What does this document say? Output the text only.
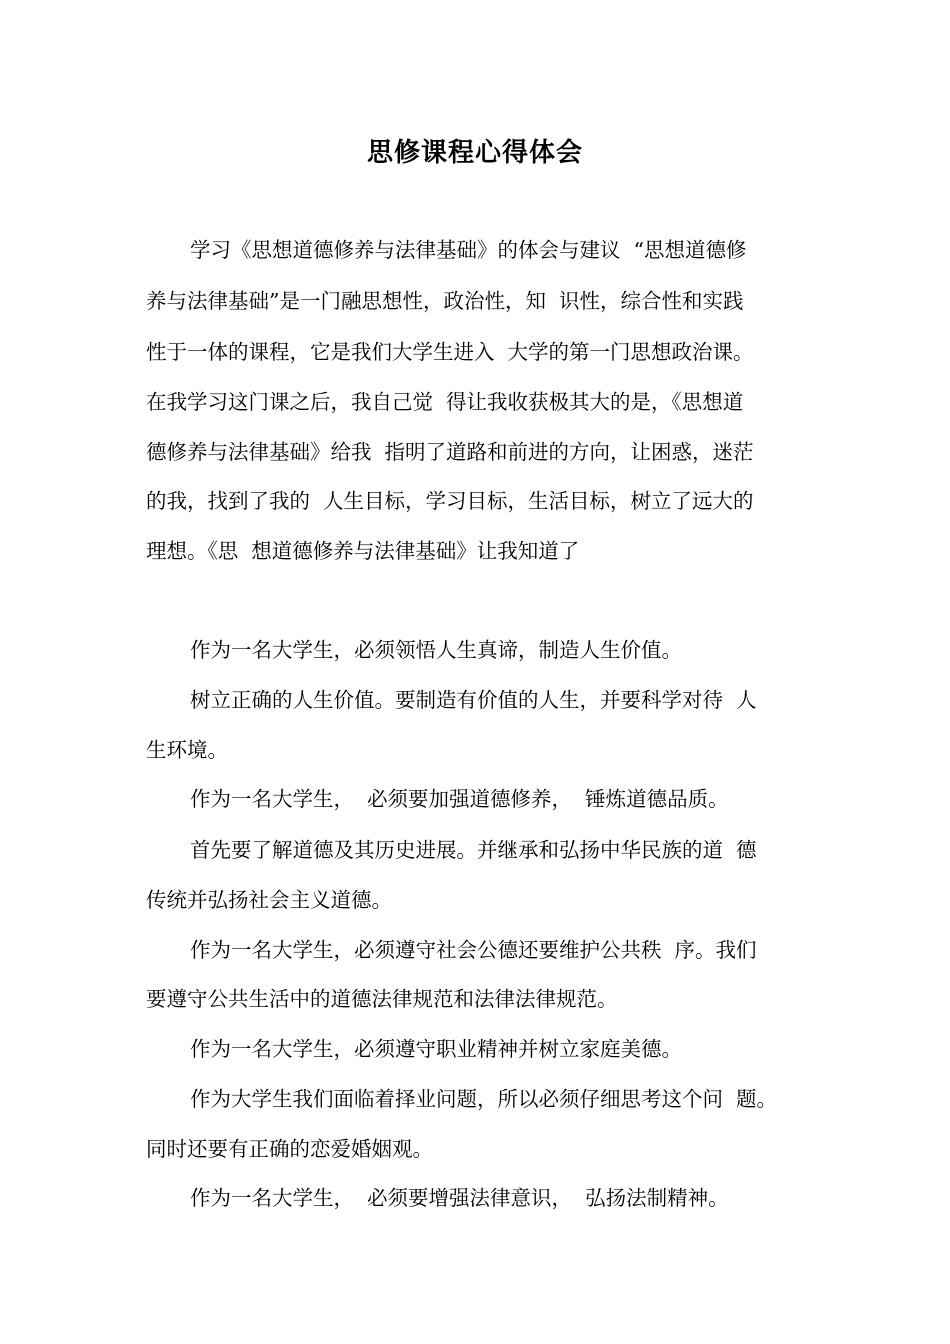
思修课程心得体会

学习《思想道德修养与法律基础》的体会与建议  “思想道德修

养与法律基础”是一门融思想性，政治性，知  识性，综合性和实践

性于一体的课程，它是我们大学生进入  大学的第一门思想政治课。

在我学习这门课之后，我自己觉  得让我收获极其大的是，《思想道

德修养与法律基础》给我  指明了道路和前进的方向，让困惑，迷茫

的我，找到了我的  人生目标，学习目标，生活目标，树立了远大的

理想。《思  想道德修养与法律基础》让我知道了

作为一名大学生，必须领悟人生真谛，制造人生价值。

树立正确的人生价值。要制造有价值的人生，并要科学对待  人

生环境。

作为一名大学生，  必须要加强道德修养，  锤炼道德品质。

首先要了解道德及其历史进展。并继承和弘扬中华民族的道  德

传统并弘扬社会主义道德。

作为一名大学生，必须遵守社会公德还要维护公共秩  序。我们

要遵守公共生活中的道德法律规范和法律法律规范。

作为一名大学生，必须遵守职业精神并树立家庭美德。

作为大学生我们面临着择业问题，所以必须仔细思考这个问  题。

同时还要有正确的恋爱婚姻观。

作为一名大学生，  必须要增强法律意识，  弘扬法制精神。
